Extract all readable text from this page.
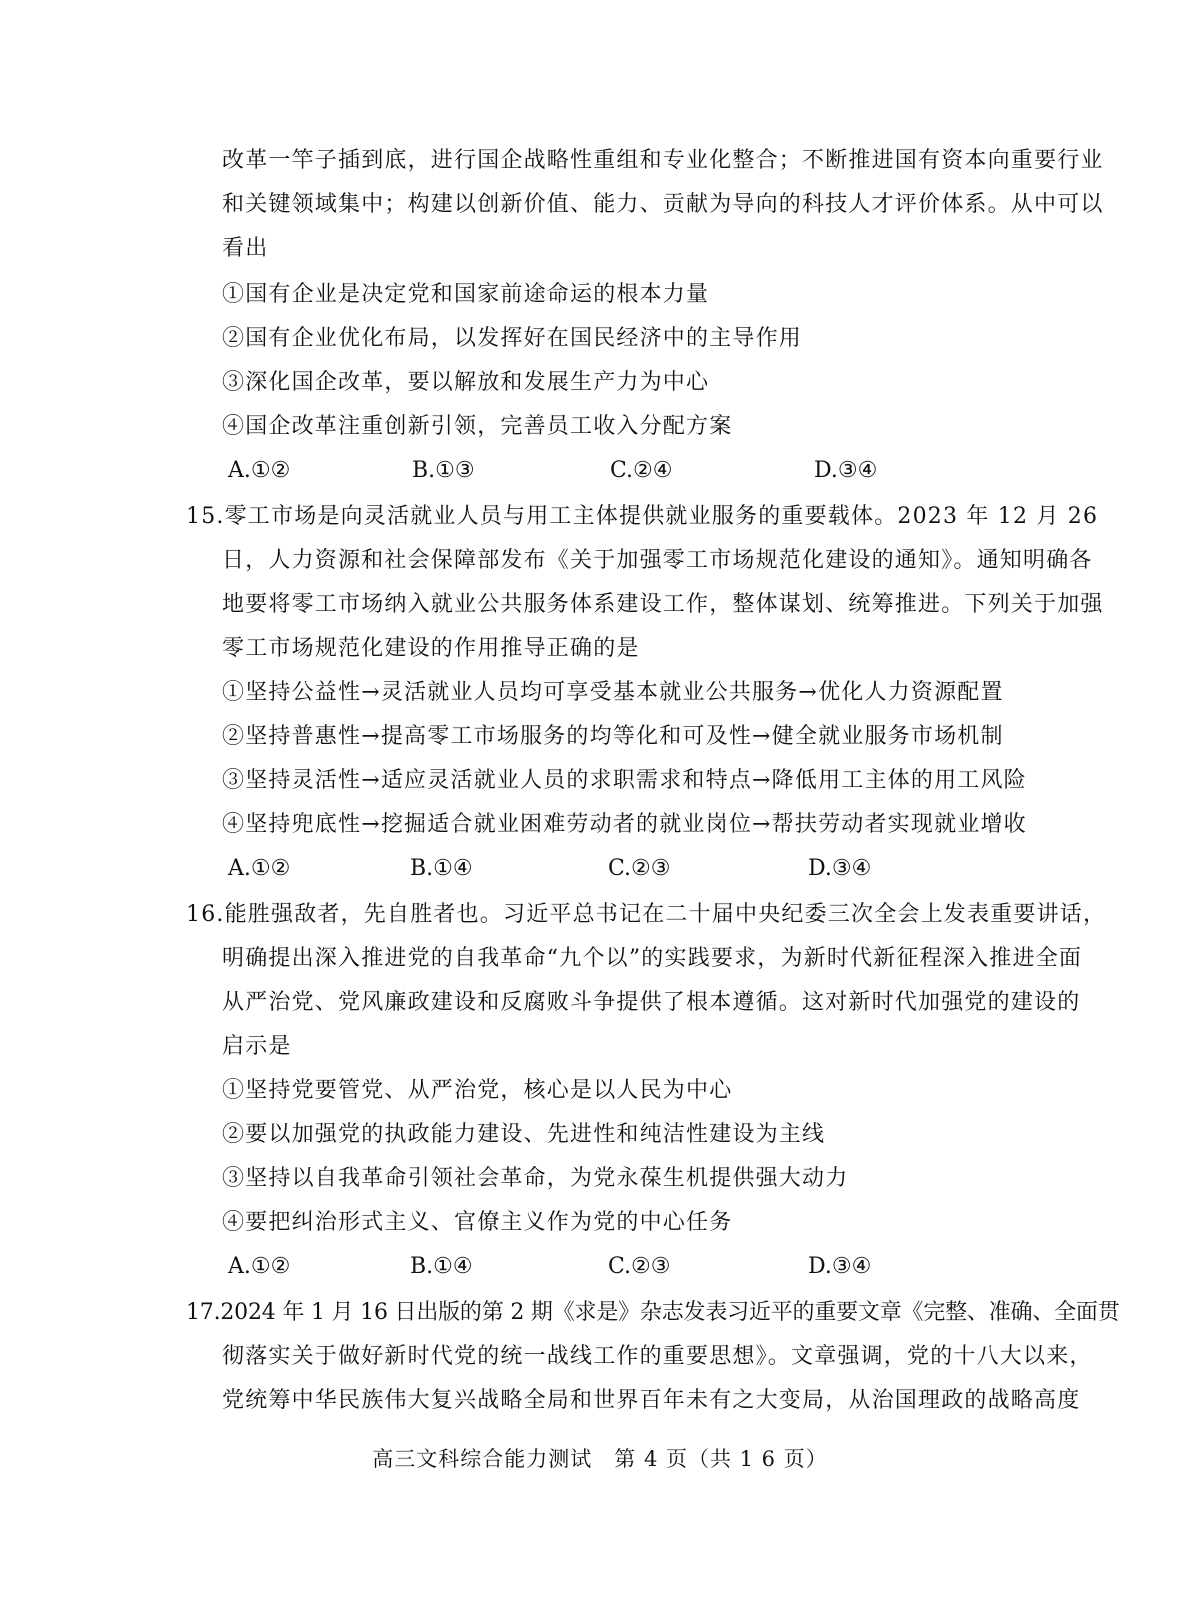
改革一竿子插到底，进行国企战略性重组和专业化整合；不断推进国有资本向重要行业
和关键领域集中；构建以创新价值、能力、贡献为导向的科技人才评价体系。从中可以
看出
①国有企业是决定党和国家前途命运的根本力量
②国有企业优化布局，以发挥好在国民经济中的主导作用
③深化国企改革，要以解放和发展生产力为中心
④国企改革注重创新引领，完善员工收入分配方案
A.①②	B.①③	C.②④	D.③④
15.零工市场是向灵活就业人员与用工主体提供就业服务的重要载体。2023 年 12 月 26
日，人力资源和社会保障部发布《关于加强零工市场规范化建设的通知》。通知明确各
地要将零工市场纳入就业公共服务体系建设工作，整体谋划、统筹推进。下列关于加强
零工市场规范化建设的作用推导正确的是
①坚持公益性→灵活就业人员均可享受基本就业公共服务→优化人力资源配置
②坚持普惠性→提高零工市场服务的均等化和可及性→健全就业服务市场机制
③坚持灵活性→适应灵活就业人员的求职需求和特点→降低用工主体的用工风险
④坚持兜底性→挖掘适合就业困难劳动者的就业岗位→帮扶劳动者实现就业增收
A.①②	B.①④	C.②③	D.③④
16.能胜强敌者，先自胜者也。习近平总书记在二十届中央纪委三次全会上发表重要讲话，
明确提出深入推进党的自我革命“九个以”的实践要求，为新时代新征程深入推进全面
从严治党、党风廉政建设和反腐败斗争提供了根本遵循。这对新时代加强党的建设的
启示是
①坚持党要管党、从严治党，核心是以人民为中心
②要以加强党的执政能力建设、先进性和纯洁性建设为主线
③坚持以自我革命引领社会革命，为党永葆生机提供强大动力
④要把纠治形式主义、官僚主义作为党的中心任务
A.①②	B.①④	C.②③	D.③④
17.2024 年 1 月 16 日出版的第 2 期《求是》杂志发表习近平的重要文章《完整、准确、全面贯
彻落实关于做好新时代党的统一战线工作的重要思想》。文章强调，党的十八大以来，
党统筹中华民族伟大复兴战略全局和世界百年未有之大变局，从治国理政的战略高度
高三文科综合能力测试　第 4 页（共 1 6 页）
